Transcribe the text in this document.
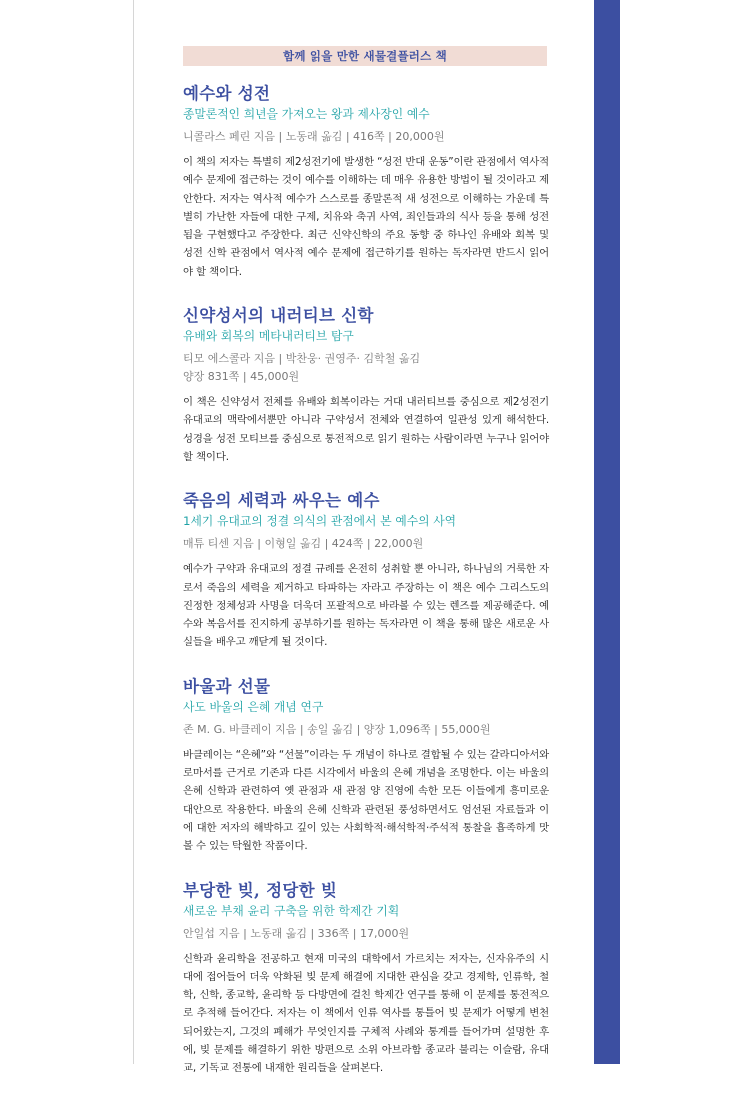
함께 읽을 만한 새물결플러스 책
예수와 성전
종말론적인 희년을 가져오는 왕과 제사장인 예수
니콜라스 페린 지음 | 노동래 옮김 | 416쪽 | 20,000원
이 책의 저자는 특별히 제2성전기에 발생한 “성전 반대 운동”이란 관점에서 역사적 예수 문제에 접근하는 것이 예수를 이해하는 데 매우 유용한 방법이 될 것이라고 제안한다. 저자는 역사적 예수가 스스로를 종말론적 새 성전으로 이해하는 가운데 특별히 가난한 자들에 대한 구제, 치유와 축귀 사역, 죄인들과의 식사 등을 통해 성전 됨을 구현했다고 주장한다. 최근 신약신학의 주요 동향 중 하나인 유배와 회복 및 성전 신학 관점에서 역사적 예수 문제에 접근하기를 원하는 독자라면 반드시 읽어야 할 책이다.
신약성서의 내러티브 신학
유배와 회복의 메타내러티브 탐구
티모 에스콜라 지음 | 박찬웅· 권영주· 김학철 옮김
양장 831쪽 | 45,000원
이 책은 신약성서 전체를 유배와 회복이라는 거대 내러티브를 중심으로 제2성전기 유대교의 맥락에서뿐만 아니라 구약성서 전체와 연결하여 일관성 있게 해석한다. 성경을 성전 모티브를 중심으로 통전적으로 읽기 원하는 사람이라면 누구나 읽어야 할 책이다.
죽음의 세력과 싸우는 예수
1세기 유대교의 정결 의식의 관점에서 본 예수의 사역
매튜 티센 지음 | 이형일 옮김 | 424쪽 | 22,000원
예수가 구약과 유대교의 정결 규례를 온전히 성취할 뿐 아니라, 하나님의 거룩한 자로서 죽음의 세력을 제거하고 타파하는 자라고 주장하는 이 책은 예수 그리스도의 진정한 정체성과 사명을 더욱더 포괄적으로 바라볼 수 있는 렌즈를 제공해준다. 예수와 복음서를 진지하게 공부하기를 원하는 독자라면 이 책을 통해 많은 새로운 사실들을 배우고 깨닫게 될 것이다.
바울과 선물
사도 바울의 은혜 개념 연구
존 M. G. 바클레이 지음 | 송일 옮김 | 양장 1,096쪽 | 55,000원
바클레이는 “은혜”와 “선물”이라는 두 개념이 하나로 결합될 수 있는 갈라디아서와 로마서를 근거로 기존과 다른 시각에서 바울의 은혜 개념을 조명한다. 이는 바울의 은혜 신학과 관련하여 옛 관점과 새 관점 양 진영에 속한 모든 이들에게 흥미로운 대안으로 작용한다. 바울의 은혜 신학과 관련된 풍성하면서도 엄선된 자료들과 이에 대한 저자의 해박하고 깊이 있는 사회학적·해석학적·주석적 통찰을 흡족하게 맛볼 수 있는 탁월한 작품이다.
부당한 빚, 정당한 빚
새로운 부채 윤리 구축을 위한 학제간 기획
안일섭 지음 | 노동래 옮김 | 336쪽 | 17,000원
신학과 윤리학을 전공하고 현재 미국의 대학에서 가르치는 저자는, 신자유주의 시대에 접어들어 더욱 악화된 빚 문제 해결에 지대한 관심을 갖고 경제학, 인류학, 철학, 신학, 종교학, 윤리학 등 다방면에 걸친 학제간 연구를 통해 이 문제를 통전적으로 추적해 들어간다. 저자는 이 책에서 인류 역사를 통틀어 빚 문제가 어떻게 변천되어왔는지, 그것의 폐해가 무엇인지를 구체적 사례와 통계를 들어가며 설명한 후에, 빚 문제를 해결하기 위한 방편으로 소위 아브라함 종교라 불리는 이슬람, 유대교, 기독교 전통에 내재한 원리들을 살펴본다.
